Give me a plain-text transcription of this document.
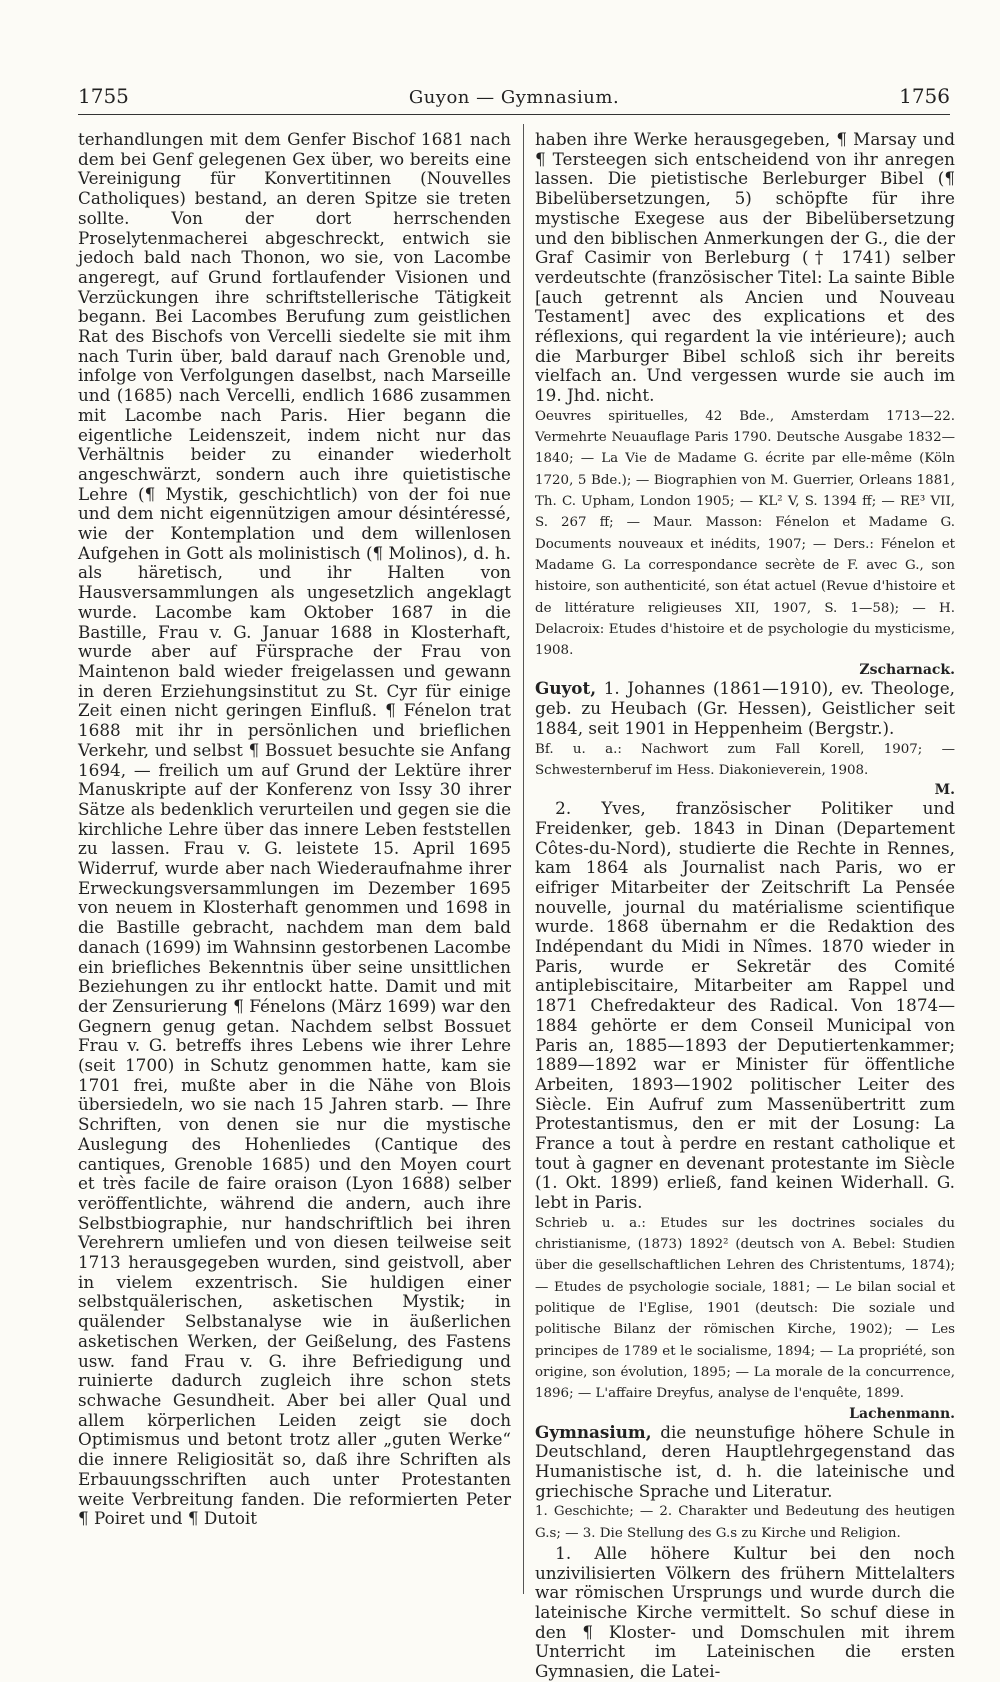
1755	Guyon — Gymnasium.	1756

terhandlungen mit dem Genfer Bischof 1681 nach dem bei Genf gelegenen Gex über, wo bereits eine Vereinigung für Konvertitinnen (Nouvelles Catholiques) bestand, an deren Spitze sie treten sollte. Von der dort herrschenden Proselytenmacherei abgeschreckt, entwich sie jedoch bald nach Thonon, wo sie, von Lacombe angeregt, auf Grund fortlaufender Visionen und Verzückungen ihre schriftstellerische Tätigkeit begann. Bei Lacombes Berufung zum geistlichen Rat des Bischofs von Vercelli siedelte sie mit ihm nach Turin über, bald darauf nach Grenoble und, infolge von Verfolgungen daselbst, nach Marseille und (1685) nach Vercelli, endlich 1686 zusammen mit Lacombe nach Paris. Hier begann die eigentliche Leidenszeit, indem nicht nur das Verhältnis beider zu einander wiederholt angeschwärzt, sondern auch ihre quietistische Lehre (¶ Mystik, geschichtlich) von der foi nue und dem nicht eigennützigen amour désintéressé, wie der Kontemplation und dem willenlosen Aufgehen in Gott als molinistisch (¶ Molinos), d. h. als häretisch, und ihr Halten von Hausversammlungen als ungesetzlich angeklagt wurde. Lacombe kam Oktober 1687 in die Bastille, Frau v. G. Januar 1688 in Klosterhaft, wurde aber auf Fürsprache der Frau von Maintenon bald wieder freigelassen und gewann in deren Erziehungsinstitut zu St. Cyr für einige Zeit einen nicht geringen Einfluß. ¶ Fénelon trat 1688 mit ihr in persönlichen und brieflichen Verkehr, und selbst ¶ Bossuet besuchte sie Anfang 1694, — freilich um auf Grund der Lektüre ihrer Manuskripte auf der Konferenz von Issy 30 ihrer Sätze als bedenklich verurteilen und gegen sie die kirchliche Lehre über das innere Leben feststellen zu lassen. Frau v. G. leistete 15. April 1695 Widerruf, wurde aber nach Wiederaufnahme ihrer Erweckungsversammlungen im Dezember 1695 von neuem in Klosterhaft genommen und 1698 in die Bastille gebracht, nachdem man dem bald danach (1699) im Wahnsinn gestorbenen Lacombe ein briefliches Bekenntnis über seine unsittlichen Beziehungen zu ihr entlockt hatte. Damit und mit der Zensurierung ¶ Fénelons (März 1699) war den Gegnern genug getan. Nachdem selbst Bossuet Frau v. G. betreffs ihres Lebens wie ihrer Lehre (seit 1700) in Schutz genommen hatte, kam sie 1701 frei, mußte aber in die Nähe von Blois übersiedeln, wo sie nach 15 Jahren starb. — Ihre Schriften, von denen sie nur die mystische Auslegung des Hohenliedes (Cantique des cantiques, Grenoble 1685) und den Moyen court et très facile de faire oraison (Lyon 1688) selber veröffentlichte, während die andern, auch ihre Selbstbiographie, nur handschriftlich bei ihren Verehrern umliefen und von diesen teilweise seit 1713 herausgegeben wurden, sind geistvoll, aber in vielem exzentrisch. Sie huldigen einer selbstquälerischen, asketischen Mystik; in quälender Selbstanalyse wie in äußerlichen asketischen Werken, der Geißelung, des Fastens usw. fand Frau v. G. ihre Befriedigung und ruinierte dadurch zugleich ihre schon stets schwache Gesundheit. Aber bei aller Qual und allem körperlichen Leiden zeigt sie doch Optimismus und betont trotz aller „guten Werke“ die innere Religiosität so, daß ihre Schriften als Erbauungsschriften auch unter Protestanten weite Verbreitung fanden. Die reformierten Peter ¶ Poiret und ¶ Dutoit

haben ihre Werke herausgegeben, ¶ Marsay und ¶ Tersteegen sich entscheidend von ihr anregen lassen. Die pietistische Berleburger Bibel (¶ Bibelübersetzungen, 5) schöpfte für ihre mystische Exegese aus der Bibelübersetzung und den biblischen Anmerkungen der G., die der Graf Casimir von Berleburg († 1741) selber verdeutschte (französischer Titel: La sainte Bible [auch getrennt als Ancien und Nouveau Testament] avec des explications et des réflexions, qui regardent la vie intérieure); auch die Marburger Bibel schloß sich ihr bereits vielfach an. Und vergessen wurde sie auch im 19. Jhd. nicht.

Oeuvres spirituelles, 42 Bde., Amsterdam 1713—22. Vermehrte Neuauflage Paris 1790. Deutsche Ausgabe 1832—1840; — La Vie de Madame G. écrite par elle-même (Köln 1720, 5 Bde.); — Biographien von M. Guerrier, Orleans 1881, Th. C. Upham, London 1905; — KL² V, S. 1394 ff; — RE³ VII, S. 267 ff; — Maur. Masson: Fénelon et Madame G. Documents nouveaux et inédits, 1907; — Ders.: Fénelon et Madame G. La correspondance secrète de F. avec G., son histoire, son authenticité, son état actuel (Revue d'histoire et de littérature religieuses XII, 1907, S. 1—58); — H. Delacroix: Etudes d'histoire et de psychologie du mysticisme, 1908.

Zscharnack.

Guyot, 1. Johannes (1861—1910), ev. Theologe, geb. zu Heubach (Gr. Hessen), Geistlicher seit 1884, seit 1901 in Heppenheim (Bergstr.).

Bf. u. a.: Nachwort zum Fall Korell, 1907; — Schwesternberuf im Hess. Diakonieverein, 1908.

M.

2. Yves, französischer Politiker und Freidenker, geb. 1843 in Dinan (Departement Côtes-du-Nord), studierte die Rechte in Rennes, kam 1864 als Journalist nach Paris, wo er eifriger Mitarbeiter der Zeitschrift La Pensée nouvelle, journal du matérialisme scientifique wurde. 1868 übernahm er die Redaktion des Indépendant du Midi in Nîmes. 1870 wieder in Paris, wurde er Sekretär des Comité antiplebiscitaire, Mitarbeiter am Rappel und 1871 Chefredakteur des Radical. Von 1874—1884 gehörte er dem Conseil Municipal von Paris an, 1885—1893 der Deputiertenkammer; 1889—1892 war er Minister für öffentliche Arbeiten, 1893—1902 politischer Leiter des Siècle. Ein Aufruf zum Massenübertritt zum Protestantismus, den er mit der Losung: La France a tout à perdre en restant catholique et tout à gagner en devenant protestante im Siècle (1. Okt. 1899) erließ, fand keinen Widerhall. G. lebt in Paris.

Schrieb u. a.: Etudes sur les doctrines sociales du christianisme, (1873) 1892² (deutsch von A. Bebel: Studien über die gesellschaftlichen Lehren des Christentums, 1874); — Etudes de psychologie sociale, 1881; — Le bilan social et politique de l'Eglise, 1901 (deutsch: Die soziale und politische Bilanz der römischen Kirche, 1902); — Les principes de 1789 et le socialisme, 1894; — La propriété, son origine, son évolution, 1895; — La morale de la concurrence, 1896; — L'affaire Dreyfus, analyse de l'enquête, 1899.

Lachenmann.

Gymnasium, die neunstufige höhere Schule in Deutschland, deren Hauptlehrgegenstand das Humanistische ist, d. h. die lateinische und griechische Sprache und Literatur.

1. Geschichte; — 2. Charakter und Bedeutung des heutigen G.s; — 3. Die Stellung des G.s zu Kirche und Religion.

1. Alle höhere Kultur bei den noch unzivilisierten Völkern des frühern Mittelalters war römischen Ursprungs und wurde durch die lateinische Kirche vermittelt. So schuf diese in den ¶ Kloster- und Domschulen mit ihrem Unterricht im Lateinischen die ersten Gymnasien, die Latei-
